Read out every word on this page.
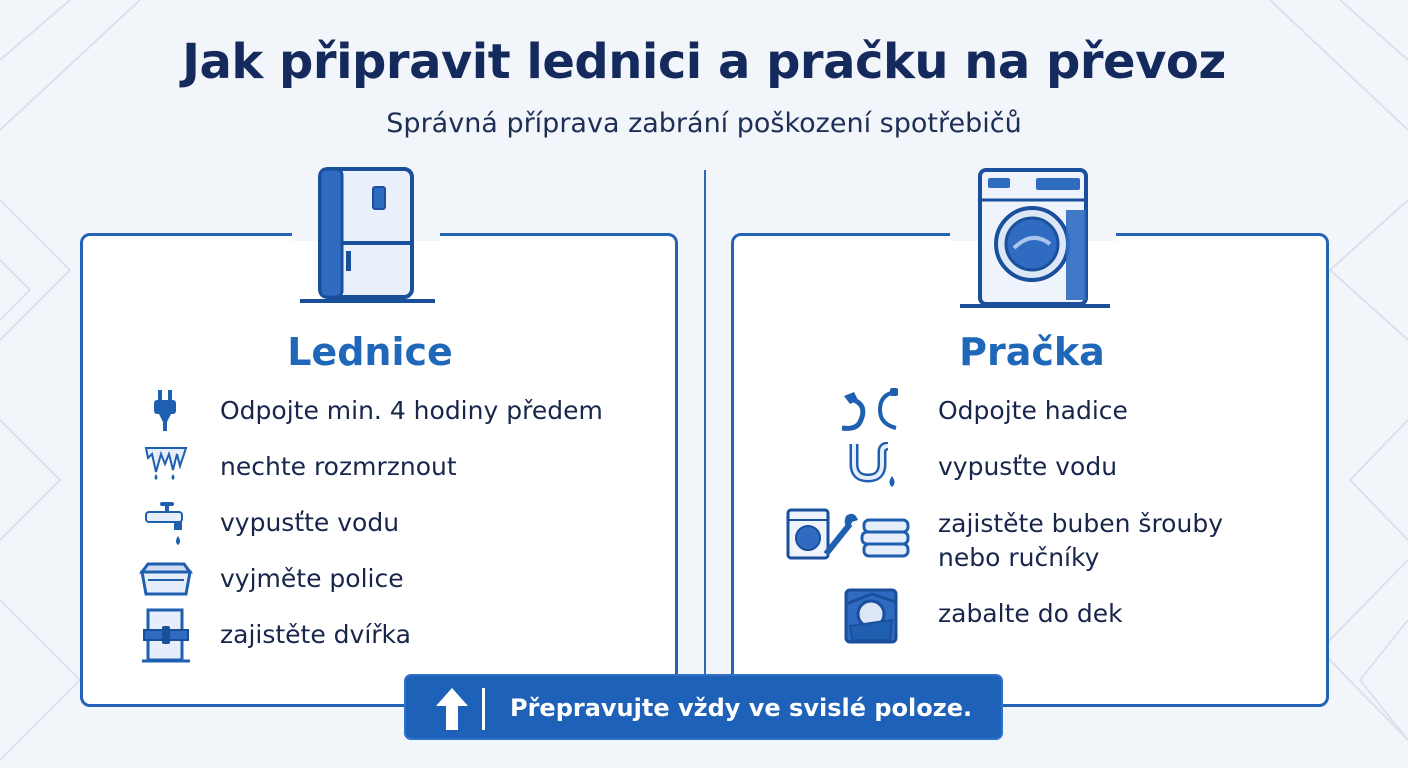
Jak připravit lednici a pračku na převoz
Správná příprava zabrání poškození spotřebičů
Lednice
Odpojte min. 4 hodiny předem
nechte rozmrznout
vypusťte vodu
vyjměte police
zajistěte dvířka
Pračka
Odpojte hadice
vypusťte vodu
zajistěte buben šrouby
nebo ručníky
zabalte do dek
Přepravujte vždy ve svislé poloze.
